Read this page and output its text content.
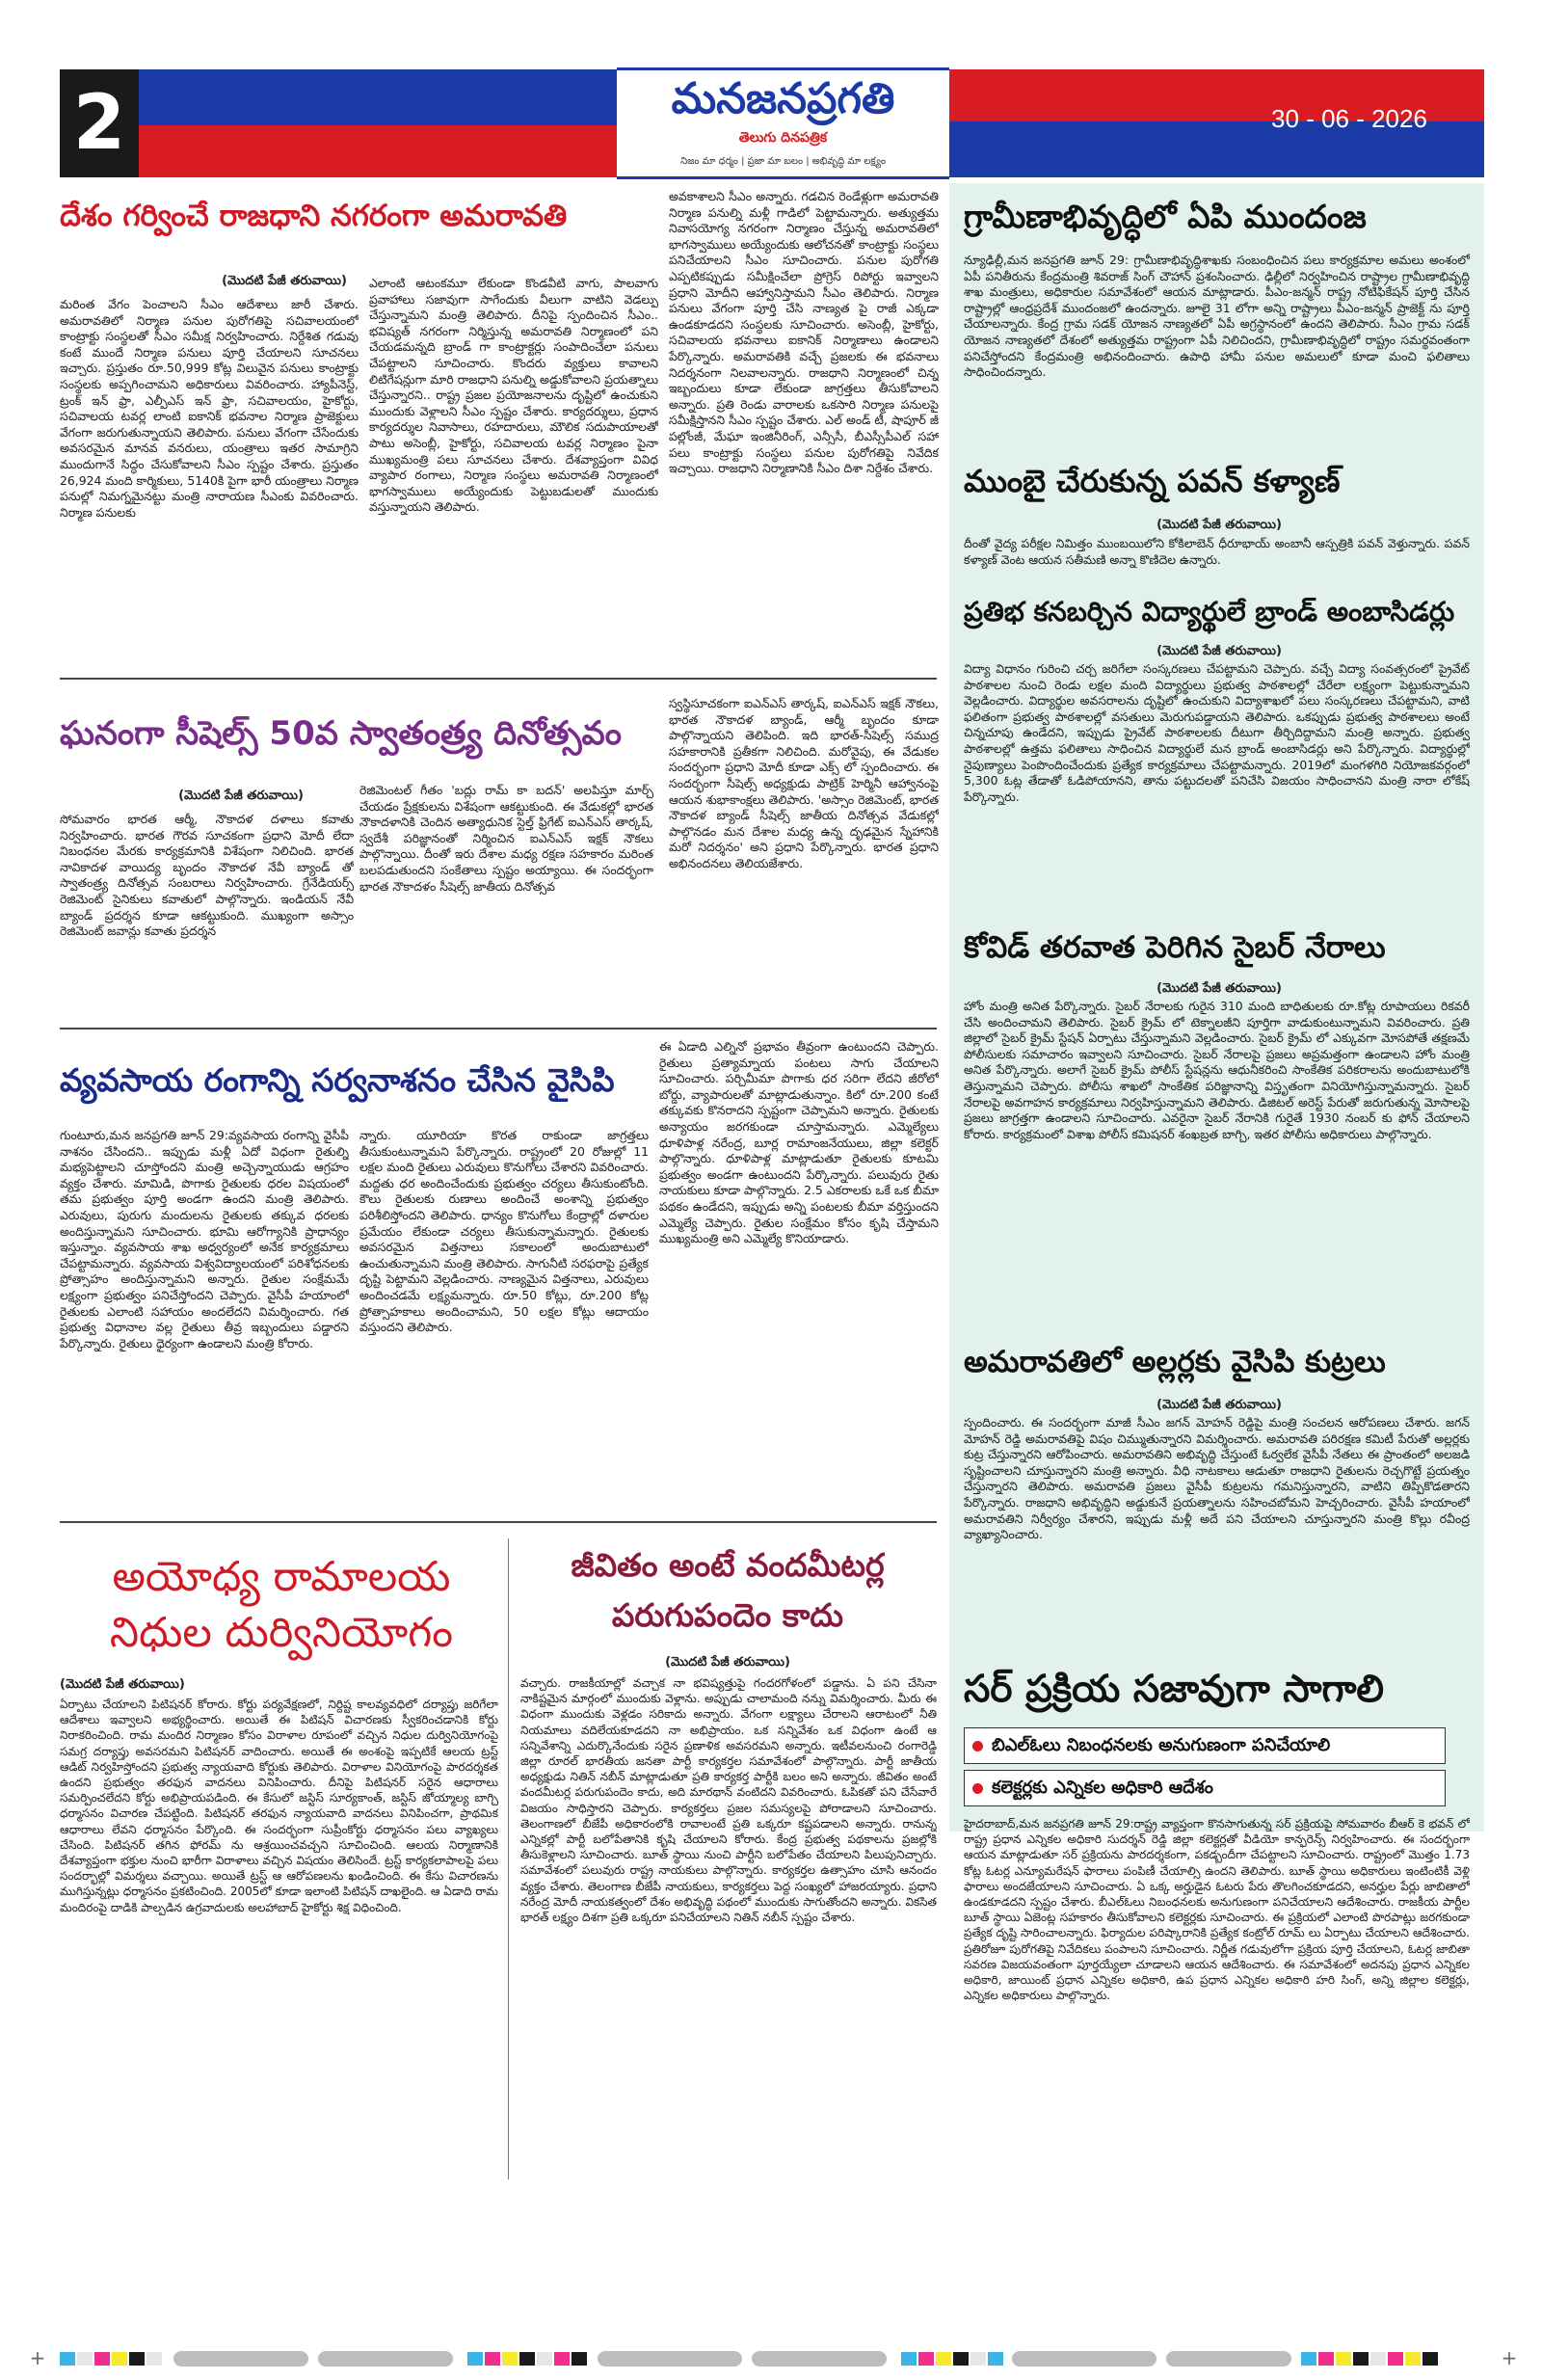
2	మనజనప్రగతి
తెలుగు దినపత్రిక
నిజం మా ధర్మం | ప్రజా మా బలం | అభివృద్ధి మా లక్ష్యం
30 - 06 - 2026
దేశం గర్వించే రాజధాని నగరంగా అమరావతి
(మొదటి పేజీ తరువాయి)
మరింత వేగం పెంచాలని సీఎం ఆదేశాలు జారీ చేశారు. అమరావతిలో నిర్మాణ పనుల పురోగతిపై సచివాలయంలో కాంట్రాక్టు సంస్థలతో సీఎం సమీక్ష నిర్వహించారు. నిర్దేశిత గడువు కంటే ముందే నిర్మాణ పనులు పూర్తి చేయాలని సూచనలు ఇచ్చారు. ప్రస్తుతం రూ.50,999 కోట్ల విలువైన పనులు కాంట్రాక్టు సంస్థలకు అప్పగించామని అధికారులు వివరించారు. హ్యాపీనెస్ట్, ట్రంక్ ఇన్ ఫ్రా, ఎల్పీఎస్ ఇన్ ఫ్రా, సచివాలయం, హైకోర్టు, సచివాలయ టవర్ల లాంటి ఐకానిక్ భవనాల నిర్మాణ ప్రాజెక్టులు వేగంగా జరుగుతున్నాయని తెలిపారు. పనులు వేగంగా చేసేందుకు అవసరమైన మానవ వనరులు, యంత్రాలు ఇతర సామాగ్రిని ముందుగానే సిద్ధం చేసుకోవాలని సీఎం స్పష్టం చేశారు. ప్రస్తుతం 26,924 మంది కార్మికులు, 5140కి పైగా భారీ యంత్రాలు నిర్మాణ పనుల్లో నిమగ్నమైనట్టు మంత్రి నారాయణ సీఎంకు వివరించారు. నిర్మాణ పనులకు
ఎలాంటి ఆటంకమూ లేకుండా కొండవీటి వాగు, పాలవాగు ప్రవాహాలు సజావుగా సాగేందుకు వీలుగా వాటిని వెడల్పు చేస్తున్నామని మంత్రి తెలిపారు. దీనిపై స్పందించిన సీఎం.. భవిష్యత్ నగరంగా నిర్మిస్తున్న అమరావతి నిర్మాణంలో పని చేయడమన్నది బ్రాండ్ గా కాంట్రాక్టర్లు సంపాదించేలా పనులు చేపట్టాలని సూచించారు. కొందరు వ్యక్తులు కావాలని లిటిగేషన్లుగా మారి రాజధాని పనుల్ని అడ్డుకోవాలని ప్రయత్నాలు చేస్తున్నారని.. రాష్ట్ర ప్రజల ప్రయోజనాలను దృష్టిలో ఉంచుకుని ముందుకు వెళ్లాలని సీఎం స్పష్టం చేశారు. కార్యదర్శులు, ప్రధాన కార్యదర్శుల నివాసాలు, రహదారులు, మౌలిక సదుపాయాలతో పాటు అసెంబ్లీ, హైకోర్టు, సచివాలయ టవర్ల నిర్మాణం పైనా ముఖ్యమంత్రి పలు సూచనలు చేశారు. దేశవ్యాప్తంగా వివిధ వ్యాపార రంగాలు, నిర్మాణ సంస్థలు అమరావతి నిర్మాణంలో భాగస్వాములు అయ్యేందుకు పెట్టుబడులతో ముందుకు వస్తున్నాయని తెలిపారు.
అవకాశాలని సీఎం అన్నారు. గడచిన రెండేళ్లుగా అమరావతి నిర్మాణ పనుల్ని మళ్లీ గాడిలో పెట్టామన్నారు. అత్యుత్తమ నివాసయోగ్య నగరంగా నిర్మాణం చేస్తున్న అమరావతిలో భాగస్వాములు అయ్యేందుకు ఆలోచనతో కాంట్రాక్టు సంస్థలు పనిచేయాలని సీఎం సూచించారు. పనుల పురోగతి ఎప్పటికప్పుడు సమీక్షించేలా ప్రోగ్రెస్ రిపోర్టు ఇవ్వాలని ప్రధాని మోదీని ఆహ్వానిస్తామని సీఎం తెలిపారు. నిర్మాణ పనులు వేగంగా పూర్తి చేసి నాణ్యత పై రాజీ ఎక్కడా ఉండకూడదని సంస్థలకు సూచించారు. అసెంబ్లీ, హైకోర్టు, సచివాలయ భవనాలు ఐకానిక్ నిర్మాణాలు ఉండాలని పేర్కొన్నారు. అమరావతికి వచ్చే ప్రజలకు ఈ భవనాలు నిదర్శనంగా నిలవాలన్నారు. రాజధాని నిర్మాణంలో చిన్న ఇబ్బందులు కూడా లేకుండా జాగ్రత్తలు తీసుకోవాలని అన్నారు. ప్రతి రెండు వారాలకు ఒకసారి నిర్మాణ పనులపై సమీక్షిస్తానని సీఎం స్పష్టం చేశారు. ఎల్ అండ్ టీ, షాపూర్ జీ పల్లోంజీ, మేఘా ఇంజినీరింగ్, ఎన్సీసీ, బీఎస్సీపీఎల్ సహా పలు కాంట్రాక్టు సంస్థలు పనుల పురోగతిపై నివేదిక ఇచ్చాయి. రాజధాని నిర్మాణానికి సీఎం దిశా నిర్దేశం చేశారు.
ఘనంగా సీషెల్స్ 50వ స్వాతంత్ర్య దినోత్సవం
(మొదటి పేజీ తరువాయి)
సోమవారం భారత ఆర్మీ, నౌకాదళ దళాలు కవాతు నిర్వహించారు. భారత గౌరవ సూచకంగా ప్రధాని మోదీ లేదా నిబంధనల మేరకు కార్యక్రమానికి విశేషంగా నిలిచింది. భారత నావికాదళ వాయిద్య బృందం నౌకాదళ నేవీ బ్యాండ్ తో స్వాతంత్ర్య దినోత్సవ సంబరాలు నిర్వహించారు. గ్రేనేడియర్స్ రెజిమెంట్ సైనికులు కవాతులో పాల్గొన్నారు. ఇండియన్ నేవీ బ్యాండ్ ప్రదర్శన కూడా ఆకట్టుకుంది. ముఖ్యంగా అస్సాం రెజిమెంట్ జవాన్లు కవాతు ప్రదర్శన
రెజిమెంటల్ గీతం 'బద్లు రామ్ కా బదన్' అలపిస్తూ మార్చ్ చేయడం ప్రేక్షకులను విశేషంగా ఆకట్టుకుంది. ఈ వేడుకల్లో భారత నౌకాదళానికి చెందిన అత్యాధునిక స్టెల్త్ ఫ్రిగేట్ ఐఎన్ఎస్ తార్కష్, స్వదేశీ పరిజ్ఞానంతో నిర్మించిన ఐఎన్ఎస్ ఇక్షక్ నౌకలు పాల్గొన్నాయి. దీంతో ఇరు దేశాల మధ్య రక్షణ సహకారం మరింత బలపడుతుందని సంకేతాలు స్పష్టం అయ్యాయి. ఈ సందర్భంగా భారత నౌకాదళం సీషెల్స్ జాతీయ దినోత్సవ
స్వస్థిసూచకంగా ఐఎన్ఎస్ తార్కష్, ఐఎన్ఎస్ ఇక్షక్ నౌకలు, భారత నౌకాదళ బ్యాండ్, ఆర్మీ బృందం కూడా పాల్గొన్నాయని తెలిపింది. ఇది భారత్-సీషెల్స్ సముద్ర సహకారానికి ప్రతీకగా నిలిచింది. మరోవైపు, ఈ వేడుకల సందర్భంగా ప్రధాని మోదీ కూడా ఎక్స్ లో స్పందించారు. ఈ సందర్భంగా సీషెల్స్ అధ్యక్షుడు పాట్రిక్ హెర్మినీ ఆహ్వానంపై ఆయన శుభాకాంక్షలు తెలిపారు. 'అస్సాం రెజిమెంట్, భారత నౌకాదళ బ్యాండ్ సీషెల్స్ జాతీయ దినోత్సవ వేడుకల్లో పాల్గొనడం మన దేశాల మధ్య ఉన్న దృఢమైన స్నేహానికి మరో నిదర్శనం' అని ప్రధాని పేర్కొన్నారు. భారత ప్రధాని అభినందనలు తెలియజేశారు.
వ్యవసాయ రంగాన్ని సర్వనాశనం చేసిన వైసిపి
గుంటూరు,మన జనప్రగతి జూన్ 29:వ్యవసాయ రంగాన్ని వైసీపీ నాశనం చేసిందని.. ఇప్పుడు మళ్లీ ఏదో విధంగా రైతుల్ని మభ్యపెట్టాలని చూస్తోందని మంత్రి అచ్చెన్నాయుడు ఆగ్రహం వ్యక్తం చేశారు. మామిడి, పొగాకు రైతులకు ధరల విషయంలో తమ ప్రభుత్వం పూర్తి అండగా ఉందని మంత్రి తెలిపారు. ఎరువులు, పురుగు మందులను రైతులకు తక్కువ ధరలకు అందిస్తున్నామని సూచించారు. భూమి ఆరోగ్యానికి ప్రాధాన్యం ఇస్తున్నాం. వ్యవసాయ శాఖ అధ్వర్యంలో అనేక కార్యక్రమాలు చేపట్టామన్నారు. వ్యవసాయ విశ్వవిద్యాలయంలో పరిశోధనలకు ప్రోత్సాహం అందిస్తున్నామని అన్నారు. రైతుల సంక్షేమమే లక్ష్యంగా ప్రభుత్వం పనిచేస్తోందని చెప్పారు. వైసీపీ హయాంలో రైతులకు ఎలాంటి సహాయం అందలేదని విమర్శించారు. గత ప్రభుత్వ విధానాల వల్ల రైతులు తీవ్ర ఇబ్బందులు పడ్డారని పేర్కొన్నారు. రైతులు ధైర్యంగా ఉండాలని మంత్రి కోరారు.
న్నారు. యూరియా కొరత రాకుండా జాగ్రత్తలు తీసుకుంటున్నామని పేర్కొన్నారు. రాష్ట్రంలో 20 రోజుల్లో 11 లక్షల మంది రైతులు ఎరువులు కొనుగోలు చేశారని వివరించారు. మద్దతు ధర అందించేందుకు ప్రభుత్వం చర్యలు తీసుకుంటోంది. కౌలు రైతులకు రుణాలు అందించే అంశాన్ని ప్రభుత్వం పరిశీలిస్తోందని తెలిపారు. ధాన్యం కొనుగోలు కేంద్రాల్లో దళారుల ప్రమేయం లేకుండా చర్యలు తీసుకున్నామన్నారు. రైతులకు అవసరమైన విత్తనాలు సకాలంలో అందుబాటులో ఉంచుతున్నామని మంత్రి తెలిపారు. సాగునీటి సరఫరాపై ప్రత్యేక దృష్టి పెట్టామని వెల్లడించారు. నాణ్యమైన విత్తనాలు, ఎరువులు అందించడమే లక్ష్యమన్నారు. రూ.50 కోట్లు, రూ.200 కోట్ల ప్రోత్సాహకాలు అందించామని, 50 లక్షల కోట్లు ఆదాయం వస్తుందని తెలిపారు.
ఈ ఏడాది ఎల్నినో ప్రభావం తీవ్రంగా ఉంటుందని చెప్పారు. రైతులు ప్రత్యామ్నాయ పంటలు సాగు చేయాలని సూచించారు. పర్చిమీమా పొగాకు ధర సరిగా లేదని జీరోలో బోర్డు, వ్యాపారులతో మాట్లాడుతున్నాం. కిలో రూ.200 కంటే తక్కువకు కొనరాదని స్పష్టంగా చెప్పామని అన్నారు. రైతులకు అన్యాయం జరగకుండా చూస్తామన్నారు. ఎమ్మెల్యేలు ధూళిపాళ్ల నరేంద్ర, బూర్ల రామాంజనేయులు, జిల్లా కలెక్టర్ పాల్గొన్నారు. ధూళిపాళ్ల మాట్లాడుతూ రైతులకు కూటమి ప్రభుత్వం అండగా ఉంటుందని పేర్కొన్నారు. పలువురు రైతు నాయకులు కూడా పాల్గొన్నారు. 2.5 ఎకరాలకు ఒకే ఒక బీమా పథకం ఉండేదని, ఇప్పుడు అన్ని పంటలకు బీమా వర్తిస్తుందని ఎమ్మెల్యే చెప్పారు. రైతుల సంక్షేమం కోసం కృషి చేస్తామని ముఖ్యమంత్రి అని ఎమ్మెల్యే కొనియాడారు.
అయోధ్య రామాలయ
నిధుల దుర్వినియోగం
(మొదటి పేజీ తరువాయి)
ఏర్పాటు చేయాలని పిటిషనర్ కోరారు. కోర్టు పర్యవేక్షణలో, నిర్దిష్ట కాలవ్యవధిలో దర్యాప్తు జరిగేలా ఆదేశాలు ఇవ్వాలని అభ్యర్థించారు. అయితే ఈ పిటిషన్ విచారణకు స్వీకరించడానికి కోర్టు నిరాకరించింది. రామ మందిర నిర్మాణం కోసం విరాళాల రూపంలో వచ్చిన నిధుల దుర్వినియోగంపై సమగ్ర దర్యాప్తు అవసరమని పిటిషనర్ వాదించారు. అయితే ఈ అంశంపై ఇప్పటికే ఆలయ ట్రస్ట్ ఆడిట్ నిర్వహిస్తోందని ప్రభుత్వ న్యాయవాది కోర్టుకు తెలిపారు. విరాళాల వినియోగంపై పారదర్శకత ఉందని ప్రభుత్వం తరఫున వాదనలు వినిపించారు. దీనిపై పిటిషనర్ సరైన ఆధారాలు సమర్పించలేదని కోర్టు అభిప్రాయపడింది. ఈ కేసులో జస్టిస్ సూర్యకాంత్, జస్టిస్ జోయ్మాల్య బాగ్చి ధర్మాసనం విచారణ చేపట్టింది. పిటిషనర్ తరఫున న్యాయవాది వాదనలు వినిపించగా, ప్రాథమిక ఆధారాలు లేవని ధర్మాసనం పేర్కొంది. ఈ సందర్భంగా సుప్రీంకోర్టు ధర్మాసనం పలు వ్యాఖ్యలు చేసింది. పిటిషనర్ తగిన ఫోరమ్ ను ఆశ్రయించవచ్చని సూచించింది. ఆలయ నిర్మాణానికి దేశవ్యాప్తంగా భక్తుల నుంచి భారీగా విరాళాలు వచ్చిన విషయం తెలిసిందే. ట్రస్ట్ కార్యకలాపాలపై పలు సందర్భాల్లో విమర్శలు వచ్చాయి. అయితే ట్రస్ట్ ఆ ఆరోపణలను ఖండించింది. ఈ కేసు విచారణను ముగిస్తున్నట్లు ధర్మాసనం ప్రకటించింది. 2005లో కూడా ఇలాంటి పిటిషన్ దాఖలైంది. ఆ ఏడాది రామ మందిరంపై దాడికి పాల్పడిన ఉగ్రవాదులకు అలహాబాద్ హైకోర్టు శిక్ష విధించింది.
జీవితం అంటే వందమీటర్ల
పరుగుపందెం కాదు
(మొదటి పేజీ తరువాయి)
వచ్చారు. రాజకీయాల్లో వచ్చాక నా భవిష్యత్తుపై గందరగోళంలో పడ్డాను. ఏ పని చేసినా నాకిష్టమైన మార్గంలో ముందుకు వెళ్లాను. అప్పుడు చాలామంది నన్ను విమర్శించారు. మీరు ఈ విధంగా ముందుకు వెళ్లడం సరికాదు అన్నారు. వేగంగా లక్ష్యాలు చేరాలని ఆరాటంలో నీతి నియమాలు వదిలేయకూడదని నా అభిప్రాయం. ఒక సన్నివేశం ఒక విధంగా ఉంటే ఆ సన్నివేశాన్ని ఎదుర్కొనేందుకు సరైన ప్రణాళిక అవసరమని అన్నారు. ఇటీవలనుంచి రంగారెడ్డి జిల్లా రూరల్ భారతీయ జనతా పార్టీ కార్యకర్తల సమావేశంలో పాల్గొన్నారు. పార్టీ జాతీయ అధ్యక్షుడు నితిన్ నబీన్ మాట్లాడుతూ ప్రతి కార్యకర్త పార్టీకి బలం అని అన్నారు. జీవితం అంటే వందమీటర్ల పరుగుపందెం కాదు, అది మారథాన్ వంటిదని వివరించారు. ఓపికతో పని చేసేవారే విజయం సాధిస్తారని చెప్పారు. కార్యకర్తలు ప్రజల సమస్యలపై పోరాడాలని సూచించారు. తెలంగాణలో బీజేపీ అధికారంలోకి రావాలంటే ప్రతి ఒక్కరూ కష్టపడాలని అన్నారు. రానున్న ఎన్నికల్లో పార్టీ బలోపేతానికి కృషి చేయాలని కోరారు. కేంద్ర ప్రభుత్వ పథకాలను ప్రజల్లోకి తీసుకెళ్లాలని సూచించారు. బూత్ స్థాయి నుంచి పార్టీని బలోపేతం చేయాలని పిలుపునిచ్చారు. సమావేశంలో పలువురు రాష్ట్ర నాయకులు పాల్గొన్నారు. కార్యకర్తల ఉత్సాహం చూసి ఆనందం వ్యక్తం చేశారు. తెలంగాణ బీజేపీ నాయకులు, కార్యకర్తలు పెద్ద సంఖ్యలో హాజరయ్యారు. ప్రధాని నరేంద్ర మోదీ నాయకత్వంలో దేశం అభివృద్ధి పథంలో ముందుకు సాగుతోందని అన్నారు. వికసిత భారత్ లక్ష్యం దిశగా ప్రతి ఒక్కరూ పనిచేయాలని నితిన్ నబీన్ స్పష్టం చేశారు.
గ్రామీణాభివృద్ధిలో ఏపి ముందంజ
న్యూఢిల్లీ,మన జనప్రగతి జూన్ 29: గ్రామీణాభివృద్ధిశాఖకు సంబంధించిన పలు కార్యక్రమాల అమలు అంశంలో ఏపీ పనితీరును కేంద్రమంత్రి శివరాజ్ సింగ్ చౌహాన్ ప్రశంసించారు. ఢిల్లీలో నిర్వహించిన రాష్ట్రాల గ్రామీణాభివృద్ధి శాఖ మంత్రులు, అధికారుల సమావేశంలో ఆయన మాట్లాడారు. పీఎం-జన్మన్ రాష్ట్ర నోటిఫికేషన్ పూర్తి చేసిన రాష్ట్రాల్లో ఆంధ్రప్రదేశ్ ముందంజలో ఉందన్నారు. జూలై 31 లోగా అన్ని రాష్ట్రాలు పీఎం-జన్మన్ ప్రాజెక్ట్ ను పూర్తి చేయాలన్నారు. కేంద్ర గ్రామ సడక్ యోజన నాణ్యతలో ఏపీ అగ్రస్థానంలో ఉందని తెలిపారు. సీఎం గ్రామ సడక్ యోజన నాణ్యతలో దేశంలో అత్యుత్తమ రాష్ట్రంగా ఏపీ నిలిచిందని, గ్రామీణాభివృద్ధిలో రాష్ట్రం సమర్థవంతంగా పనిచేస్తోందని కేంద్రమంత్రి అభినందించారు. ఉపాధి హామీ పనుల అమలులో కూడా మంచి ఫలితాలు సాధించిందన్నారు.
ముంబై చేరుకున్న పవన్ కళ్యాణ్
(మొదటి పేజీ తరువాయి)
దీంతో వైద్య పరీక్షల నిమిత్తం ముంబయిలోని కోకిలాబెన్ ధీరూభాయ్ అంబానీ ఆస్పత్రికి పవన్ వెళ్తున్నారు. పవన్ కళ్యాణ్ వెంట ఆయన సతీమణి అన్నా కొణిదెల ఉన్నారు.
ప్రతిభ కనబర్చిన విద్యార్థులే బ్రాండ్ అంబాసిడర్లు
(మొదటి పేజీ తరువాయి)
విద్యా విధానం గురించి చర్చ జరిగేలా సంస్కరణలు చేపట్టామని చెప్పారు. వచ్చే విద్యా సంవత్సరంలో ప్రైవేట్ పాఠశాలల నుంచి రెండు లక్షల మంది విద్యార్థులు ప్రభుత్వ పాఠశాలల్లో చేరేలా లక్ష్యంగా పెట్టుకున్నామని వెల్లడించారు. విద్యార్థుల అవసరాలను దృష్టిలో ఉంచుకుని విద్యాశాఖలో పలు సంస్కరణలు చేపట్టామని, వాటి ఫలితంగా ప్రభుత్వ పాఠశాలల్లో వసతులు మెరుగుపడ్డాయని తెలిపారు. ఒకప్పుడు ప్రభుత్వ పాఠశాలలు అంటే చిన్నచూపు ఉండేదని, ఇప్పుడు ప్రైవేట్ పాఠశాలలకు దీటుగా తీర్చిదిద్దామని మంత్రి అన్నారు. ప్రభుత్వ పాఠశాలల్లో ఉత్తమ ఫలితాలు సాధించిన విద్యార్థులే మన బ్రాండ్ అంబాసిడర్లు అని పేర్కొన్నారు. విద్యార్థుల్లో నైపుణ్యాలు పెంపొందించేందుకు ప్రత్యేక కార్యక్రమాలు చేపట్టామన్నారు. 2019లో మంగళగిరి నియోజకవర్గంలో 5,300 ఓట్ల తేడాతో ఓడిపోయానని, తాను పట్టుదలతో పనిచేసి విజయం సాధించానని మంత్రి నారా లోకేష్ పేర్కొన్నారు.
కోవిడ్ తరవాత పెరిగిన సైబర్ నేరాలు
(మొదటి పేజీ తరువాయి)
హోం మంత్రి అనిత పేర్కొన్నారు. సైబర్ నేరాలకు గురైన 310 మంది బాధితులకు రూ.కోట్ల రూపాయలు రికవరీ చేసి అందించామని తెలిపారు. సైబర్ క్రైమ్ లో టెక్నాలజీని పూర్తిగా వాడుకుంటున్నామని వివరించారు. ప్రతి జిల్లాలో సైబర్ క్రైమ్ స్టేషన్ ఏర్పాటు చేస్తున్నామని వెల్లడించారు. సైబర్ క్రైమ్ లో ఎక్కువగా మోసపోతే తక్షణమే పోలీసులకు సమాచారం ఇవ్వాలని సూచించారు. సైబర్ నేరాలపై ప్రజలు అప్రమత్తంగా ఉండాలని హోం మంత్రి అనిత పేర్కొన్నారు. అలాగే సైబర్ క్రైమ్ పోలీస్ స్టేషన్లను ఆధునీకరించి సాంకేతిక పరికరాలను అందుబాటులోకి తెస్తున్నామని చెప్పారు. పోలీసు శాఖలో సాంకేతిక పరిజ్ఞానాన్ని విస్తృతంగా వినియోగిస్తున్నామన్నారు. సైబర్ నేరాలపై అవగాహన కార్యక్రమాలు నిర్వహిస్తున్నామని తెలిపారు. డిజిటల్ అరెస్ట్ పేరుతో జరుగుతున్న మోసాలపై ప్రజలు జాగ్రత్తగా ఉండాలని సూచించారు. ఎవరైనా సైబర్ నేరానికి గురైతే 1930 నంబర్ కు ఫోన్ చేయాలని కోరారు. కార్యక్రమంలో విశాఖ పోలీస్ కమిషనర్ శంఖబ్రత బాగ్చి, ఇతర పోలీసు అధికారులు పాల్గొన్నారు.
అమరావతిలో అల్లర్లకు వైసిపి కుట్రలు
(మొదటి పేజీ తరువాయి)
స్పందించారు. ఈ సందర్భంగా మాజీ సీఎం జగన్ మోహన్ రెడ్డిపై మంత్రి సంచలన ఆరోపణలు చేశారు. జగన్ మోహన్ రెడ్డి అమరావతిపై విషం చిమ్ముతున్నారని విమర్శించారు. అమరావతి పరిరక్షణ కమిటీ పేరుతో అల్లర్లకు కుట్ర చేస్తున్నారని ఆరోపించారు. అమరావతిని అభివృద్ధి చేస్తుంటే ఓర్వలేక వైసీపీ నేతలు ఈ ప్రాంతంలో అలజడి సృష్టించాలని చూస్తున్నారని మంత్రి అన్నారు. వీధి నాటకాలు ఆడుతూ రాజధాని రైతులను రెచ్చగొట్టే ప్రయత్నం చేస్తున్నారని తెలిపారు. అమరావతి ప్రజలు వైసీపీ కుట్రలను గమనిస్తున్నారని, వాటిని తిప్పికొడతారని పేర్కొన్నారు. రాజధాని అభివృద్ధిని అడ్డుకునే ప్రయత్నాలను సహించబోమని హెచ్చరించారు. వైసీపీ హయాంలో అమరావతిని నిర్వీర్యం చేశారని, ఇప్పుడు మళ్లీ అదే పని చేయాలని చూస్తున్నారని మంత్రి కొల్లు రవీంద్ర వ్యాఖ్యానించారు.
సర్ ప్రక్రియ సజావుగా సాగాలి
బిఎల్ఓలు నిబంధనలకు అనుగుణంగా పనిచేయాలి
కలెక్టర్లకు ఎన్నికల అధికారి ఆదేశం
హైదరాబాద్,మన జనప్రగతి జూన్ 29:రాష్ట్ర వ్యాప్తంగా కొనసాగుతున్న సర్ ప్రక్రియపై సోమవారం బీఆర్ కె భవన్ లో రాష్ట్ర ప్రధాన ఎన్నికల అధికారి సుదర్శన్ రెడ్డి జిల్లా కలెక్టర్లతో వీడియో కాన్ఫరెన్స్ నిర్వహించారు. ఈ సందర్భంగా ఆయన మాట్లాడుతూ సర్ ప్రక్రియను పారదర్శకంగా, పకడ్బందీగా చేపట్టాలని సూచించారు. రాష్ట్రంలో మొత్తం 1.73 కోట్ల ఓటర్ల ఎన్యూమరేషన్ ఫారాలు పంపిణీ చేయాల్సి ఉందని తెలిపారు. బూత్ స్థాయి అధికారులు ఇంటింటికీ వెళ్లి ఫారాలు అందజేయాలని సూచించారు. ఏ ఒక్క అర్హుడైన ఓటరు పేరు తొలగించకూడదని, అనర్హుల పేర్లు జాబితాలో ఉండకూడదని స్పష్టం చేశారు. బీఎల్ఓలు నిబంధనలకు అనుగుణంగా పనిచేయాలని ఆదేశించారు. రాజకీయ పార్టీల బూత్ స్థాయి ఏజెంట్ల సహకారం తీసుకోవాలని కలెక్టర్లకు సూచించారు. ఈ ప్రక్రియలో ఎలాంటి పొరపాట్లు జరగకుండా ప్రత్యేక దృష్టి సారించాలన్నారు. ఫిర్యాదుల పరిష్కారానికి ప్రత్యేక కంట్రోల్ రూమ్ లు ఏర్పాటు చేయాలని ఆదేశించారు. ప్రతిరోజూ పురోగతిపై నివేదికలు పంపాలని సూచించారు. నిర్ణీత గడువులోగా ప్రక్రియ పూర్తి చేయాలని, ఓటర్ల జాబితా సవరణ విజయవంతంగా పూర్తయ్యేలా చూడాలని ఆయన ఆదేశించారు. ఈ సమావేశంలో అదనపు ప్రధాన ఎన్నికల అధికారి, జాయింట్ ప్రధాన ఎన్నికల అధికారి, ఉప ప్రధాన ఎన్నికల అధికారి హరి సింగ్, అన్ని జిల్లాల కలెక్టర్లు, ఎన్నికల అధికారులు పాల్గొన్నారు.
+	+
